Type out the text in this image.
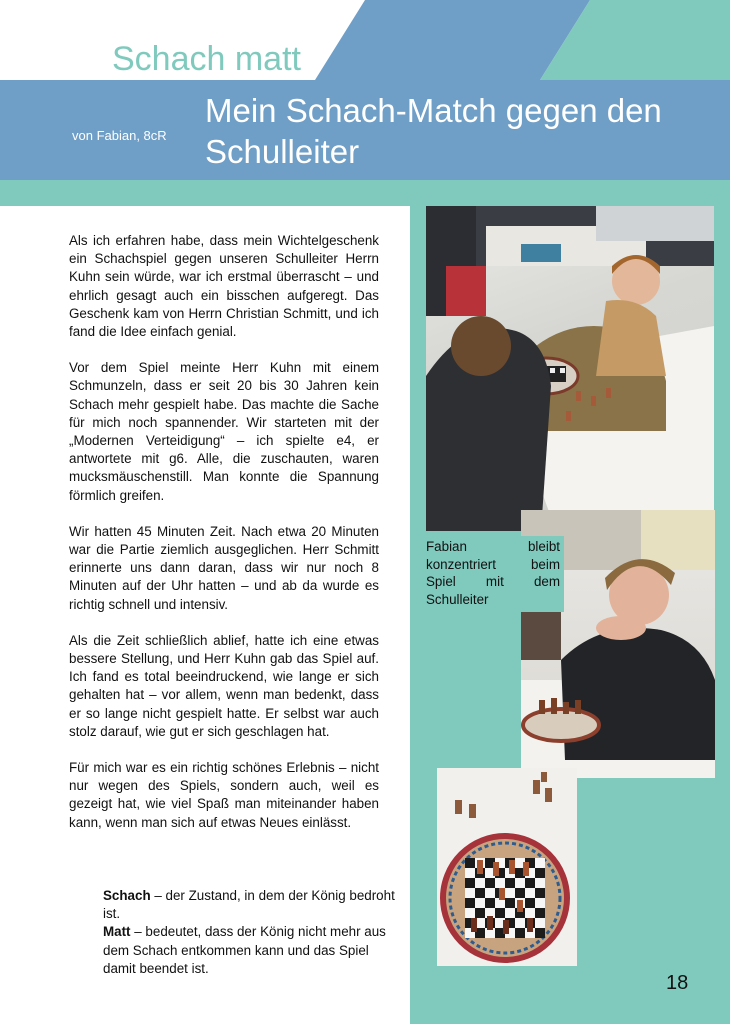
Schach matt
von Fabian, 8cR
Mein Schach-Match gegen den Schulleiter

Als ich erfahren habe, dass mein Wichtelgeschenk ein Schachspiel gegen unseren Schulleiter Herrn Kuhn sein würde, war ich erstmal überrascht – und ehrlich gesagt auch ein bisschen aufgeregt. Das Geschenk kam von Herrn Christian Schmitt, und ich fand die Idee einfach genial.

Vor dem Spiel meinte Herr Kuhn mit einem Schmunzeln, dass er seit 20 bis 30 Jahren kein Schach mehr gespielt habe. Das machte die Sache für mich noch spannender. Wir starteten mit der „Modernen Verteidigung“ – ich spielte e4, er antwortete mit g6. Alle, die zuschauten, waren mucksmäuschenstill. Man konnte die Spannung förmlich greifen.

Wir hatten 45 Minuten Zeit. Nach etwa 20 Minuten war die Partie ziemlich ausgeglichen. Herr Schmitt erinnerte uns dann daran, dass wir nur noch 8 Minuten auf der Uhr hatten – und ab da wurde es richtig schnell und intensiv.

Als die Zeit schließlich ablief, hatte ich eine etwas bessere Stellung, und Herr Kuhn gab das Spiel auf. Ich fand es total beeindruckend, wie lange er sich gehalten hat – vor allem, wenn man bedenkt, dass er so lange nicht gespielt hatte. Er selbst war auch stolz darauf, wie gut er sich geschlagen hat.

Für mich war es ein richtig schönes Erlebnis – nicht nur wegen des Spiels, sondern auch, weil es gezeigt hat, wie viel Spaß man miteinander haben kann, wenn man sich auf etwas Neues einlässt.

Schach – der Zustand, in dem der König bedroht ist.

Matt – bedeutet, dass der König nicht mehr aus dem Schach entkommen kann und das Spiel damit beendet ist.

Fabian bleibt konzentriert beim Spiel mit dem Schulleiter
18
